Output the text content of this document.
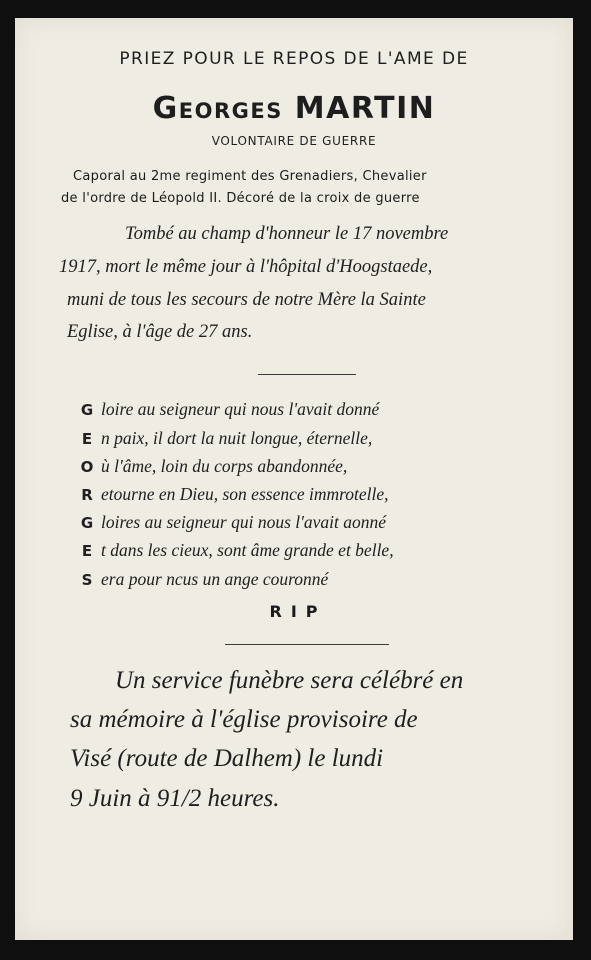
PRIEZ POUR LE REPOS DE L'AME DE
Georges MARTIN
VOLONTAIRE DE GUERRE
Caporal au 2me regiment des Grenadiers, Chevalier
de l'ordre de Léopold II. Décoré de la croix de guerre
Tombé au champ d'honneur le 17 novembre
1917, mort le même jour à l'hôpital d'Hoogstaede,
muni de tous les secours de notre Mère la Sainte
Eglise, à l'âge de 27 ans.
G loire au seigneur qui nous l'avait donné
E n paix, il dort la nuit longue, éternelle,
O ù l'âme, loin du corps abandonnée,
R etourne en Dieu, son essence immrotelle,
G loires au seigneur qui nous l'avait aonné
E t dans les cieux, sont âme grande et belle,
S era pour ncus un ange couronné
RIP
Un service funèbre sera célébré en
sa mémoire à l'église provisoire de
Visé (route de Dalhem) le lundi
9 Juin à 91/2 heures.
